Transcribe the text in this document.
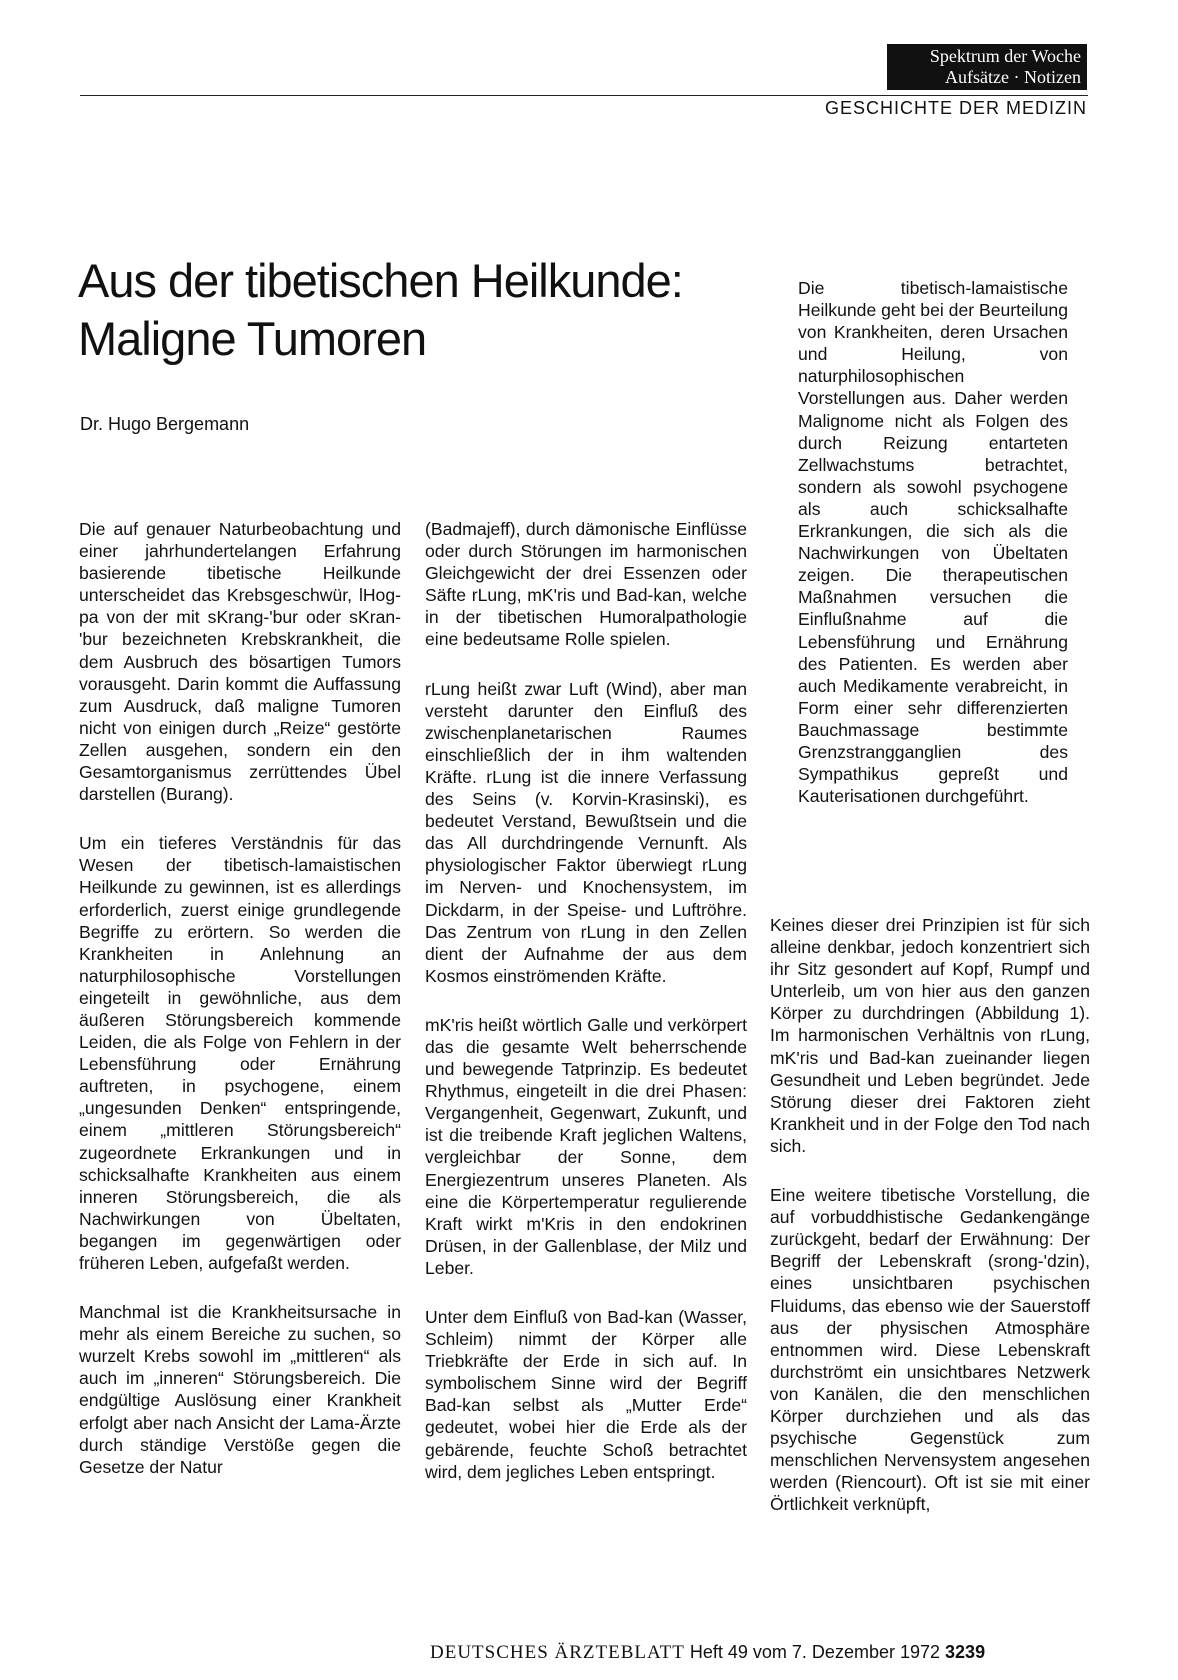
Spektrum der Woche
Aufsätze · Notizen
GESCHICHTE DER MEDIZIN
Aus der tibetischen Heilkunde:
Maligne Tumoren
Dr. Hugo Bergemann

Die tibetisch-lamaistische Heilkunde geht bei der Beurteilung von Krankheiten, deren Ursachen und Heilung, von naturphilosophischen Vorstellungen aus. Daher werden Malignome nicht als Folgen des durch Reizung entarteten Zellwachstums betrachtet, sondern als sowohl psychogene als auch schicksalhafte Erkrankungen, die sich als die Nachwirkungen von Übeltaten zeigen. Die therapeutischen Maßnahmen versuchen die Einflußnahme auf die Lebensführung und Ernährung des Patienten. Es werden aber auch Medikamente verabreicht, in Form einer sehr differenzierten Bauchmassage bestimmte Grenzstrangganglien des Sympathikus gepreßt und Kauterisationen durchgeführt.

Die auf genauer Naturbeobachtung und einer jahrhundertelangen Erfahrung basierende tibetische Heilkunde unterscheidet das Krebsgeschwür, lHog-pa von der mit sKrang-'bur oder sKran-'bur bezeichneten Krebskrankheit, die dem Ausbruch des bösartigen Tumors vorausgeht. Darin kommt die Auffassung zum Ausdruck, daß maligne Tumoren nicht von einigen durch „Reize“ gestörte Zellen ausgehen, sondern ein den Gesamtorganismus zerrüttendes Übel darstellen (Burang).

Um ein tieferes Verständnis für das Wesen der tibetisch-lamaistischen Heilkunde zu gewinnen, ist es allerdings erforderlich, zuerst einige grundlegende Begriffe zu erörtern. So werden die Krankheiten in Anlehnung an naturphilosophische Vorstellungen eingeteilt in gewöhnliche, aus dem äußeren Störungsbereich kommende Leiden, die als Folge von Fehlern in der Lebensführung oder Ernährung auftreten, in psychogene, einem „ungesunden Denken“ entspringende, einem „mittleren Störungsbereich“ zugeordnete Erkrankungen und in schicksalhafte Krankheiten aus einem inneren Störungsbereich, die als Nachwirkungen von Übeltaten, begangen im gegenwärtigen oder früheren Leben, aufgefaßt werden.

Manchmal ist die Krankheitsursache in mehr als einem Bereiche zu suchen, so wurzelt Krebs sowohl im „mittleren“ als auch im „inneren“ Störungsbereich. Die endgültige Auslösung einer Krankheit erfolgt aber nach Ansicht der Lama-Ärzte durch ständige Verstöße gegen die Gesetze der Natur

(Badmajeff), durch dämonische Einflüsse oder durch Störungen im harmonischen Gleichgewicht der drei Essenzen oder Säfte rLung, mK'ris und Bad-kan, welche in der tibetischen Humoralpathologie eine bedeutsame Rolle spielen.

rLung heißt zwar Luft (Wind), aber man versteht darunter den Einfluß des zwischenplanetarischen Raumes einschließlich der in ihm waltenden Kräfte. rLung ist die innere Verfassung des Seins (v. Korvin-Krasinski), es bedeutet Verstand, Bewußtsein und die das All durchdringende Vernunft. Als physiologischer Faktor überwiegt rLung im Nerven- und Knochensystem, im Dickdarm, in der Speise- und Luftröhre. Das Zentrum von rLung in den Zellen dient der Aufnahme der aus dem Kosmos einströmenden Kräfte.

mK'ris heißt wörtlich Galle und verkörpert das die gesamte Welt beherrschende und bewegende Tatprinzip. Es bedeutet Rhythmus, eingeteilt in die drei Phasen: Vergangenheit, Gegenwart, Zukunft, und ist die treibende Kraft jeglichen Waltens, vergleichbar der Sonne, dem Energiezentrum unseres Planeten. Als eine die Körpertemperatur regulierende Kraft wirkt m'Kris in den endokrinen Drüsen, in der Gallenblase, der Milz und Leber.

Unter dem Einfluß von Bad-kan (Wasser, Schleim) nimmt der Körper alle Triebkräfte der Erde in sich auf. In symbolischem Sinne wird der Begriff Bad-kan selbst als „Mutter Erde“ gedeutet, wobei hier die Erde als der gebärende, feuchte Schoß betrachtet wird, dem jegliches Leben entspringt.

Keines dieser drei Prinzipien ist für sich alleine denkbar, jedoch konzentriert sich ihr Sitz gesondert auf Kopf, Rumpf und Unterleib, um von hier aus den ganzen Körper zu durchdringen (Abbildung 1). Im harmonischen Verhältnis von rLung, mK'ris und Bad-kan zueinander liegen Gesundheit und Leben begründet. Jede Störung dieser drei Faktoren zieht Krankheit und in der Folge den Tod nach sich.

Eine weitere tibetische Vorstellung, die auf vorbuddhistische Gedankengänge zurückgeht, bedarf der Erwähnung: Der Begriff der Lebenskraft (srong-'dzin), eines unsichtbaren psychischen Fluidums, das ebenso wie der Sauerstoff aus der physischen Atmosphäre entnommen wird. Diese Lebenskraft durchströmt ein unsichtbares Netzwerk von Kanälen, die den menschlichen Körper durchziehen und als das psychische Gegenstück zum menschlichen Nervensystem angesehen werden (Riencourt). Oft ist sie mit einer Örtlichkeit verknüpft,

DEUTSCHES ÄRZTEBLATT Heft 49 vom 7. Dezember 1972 3239
